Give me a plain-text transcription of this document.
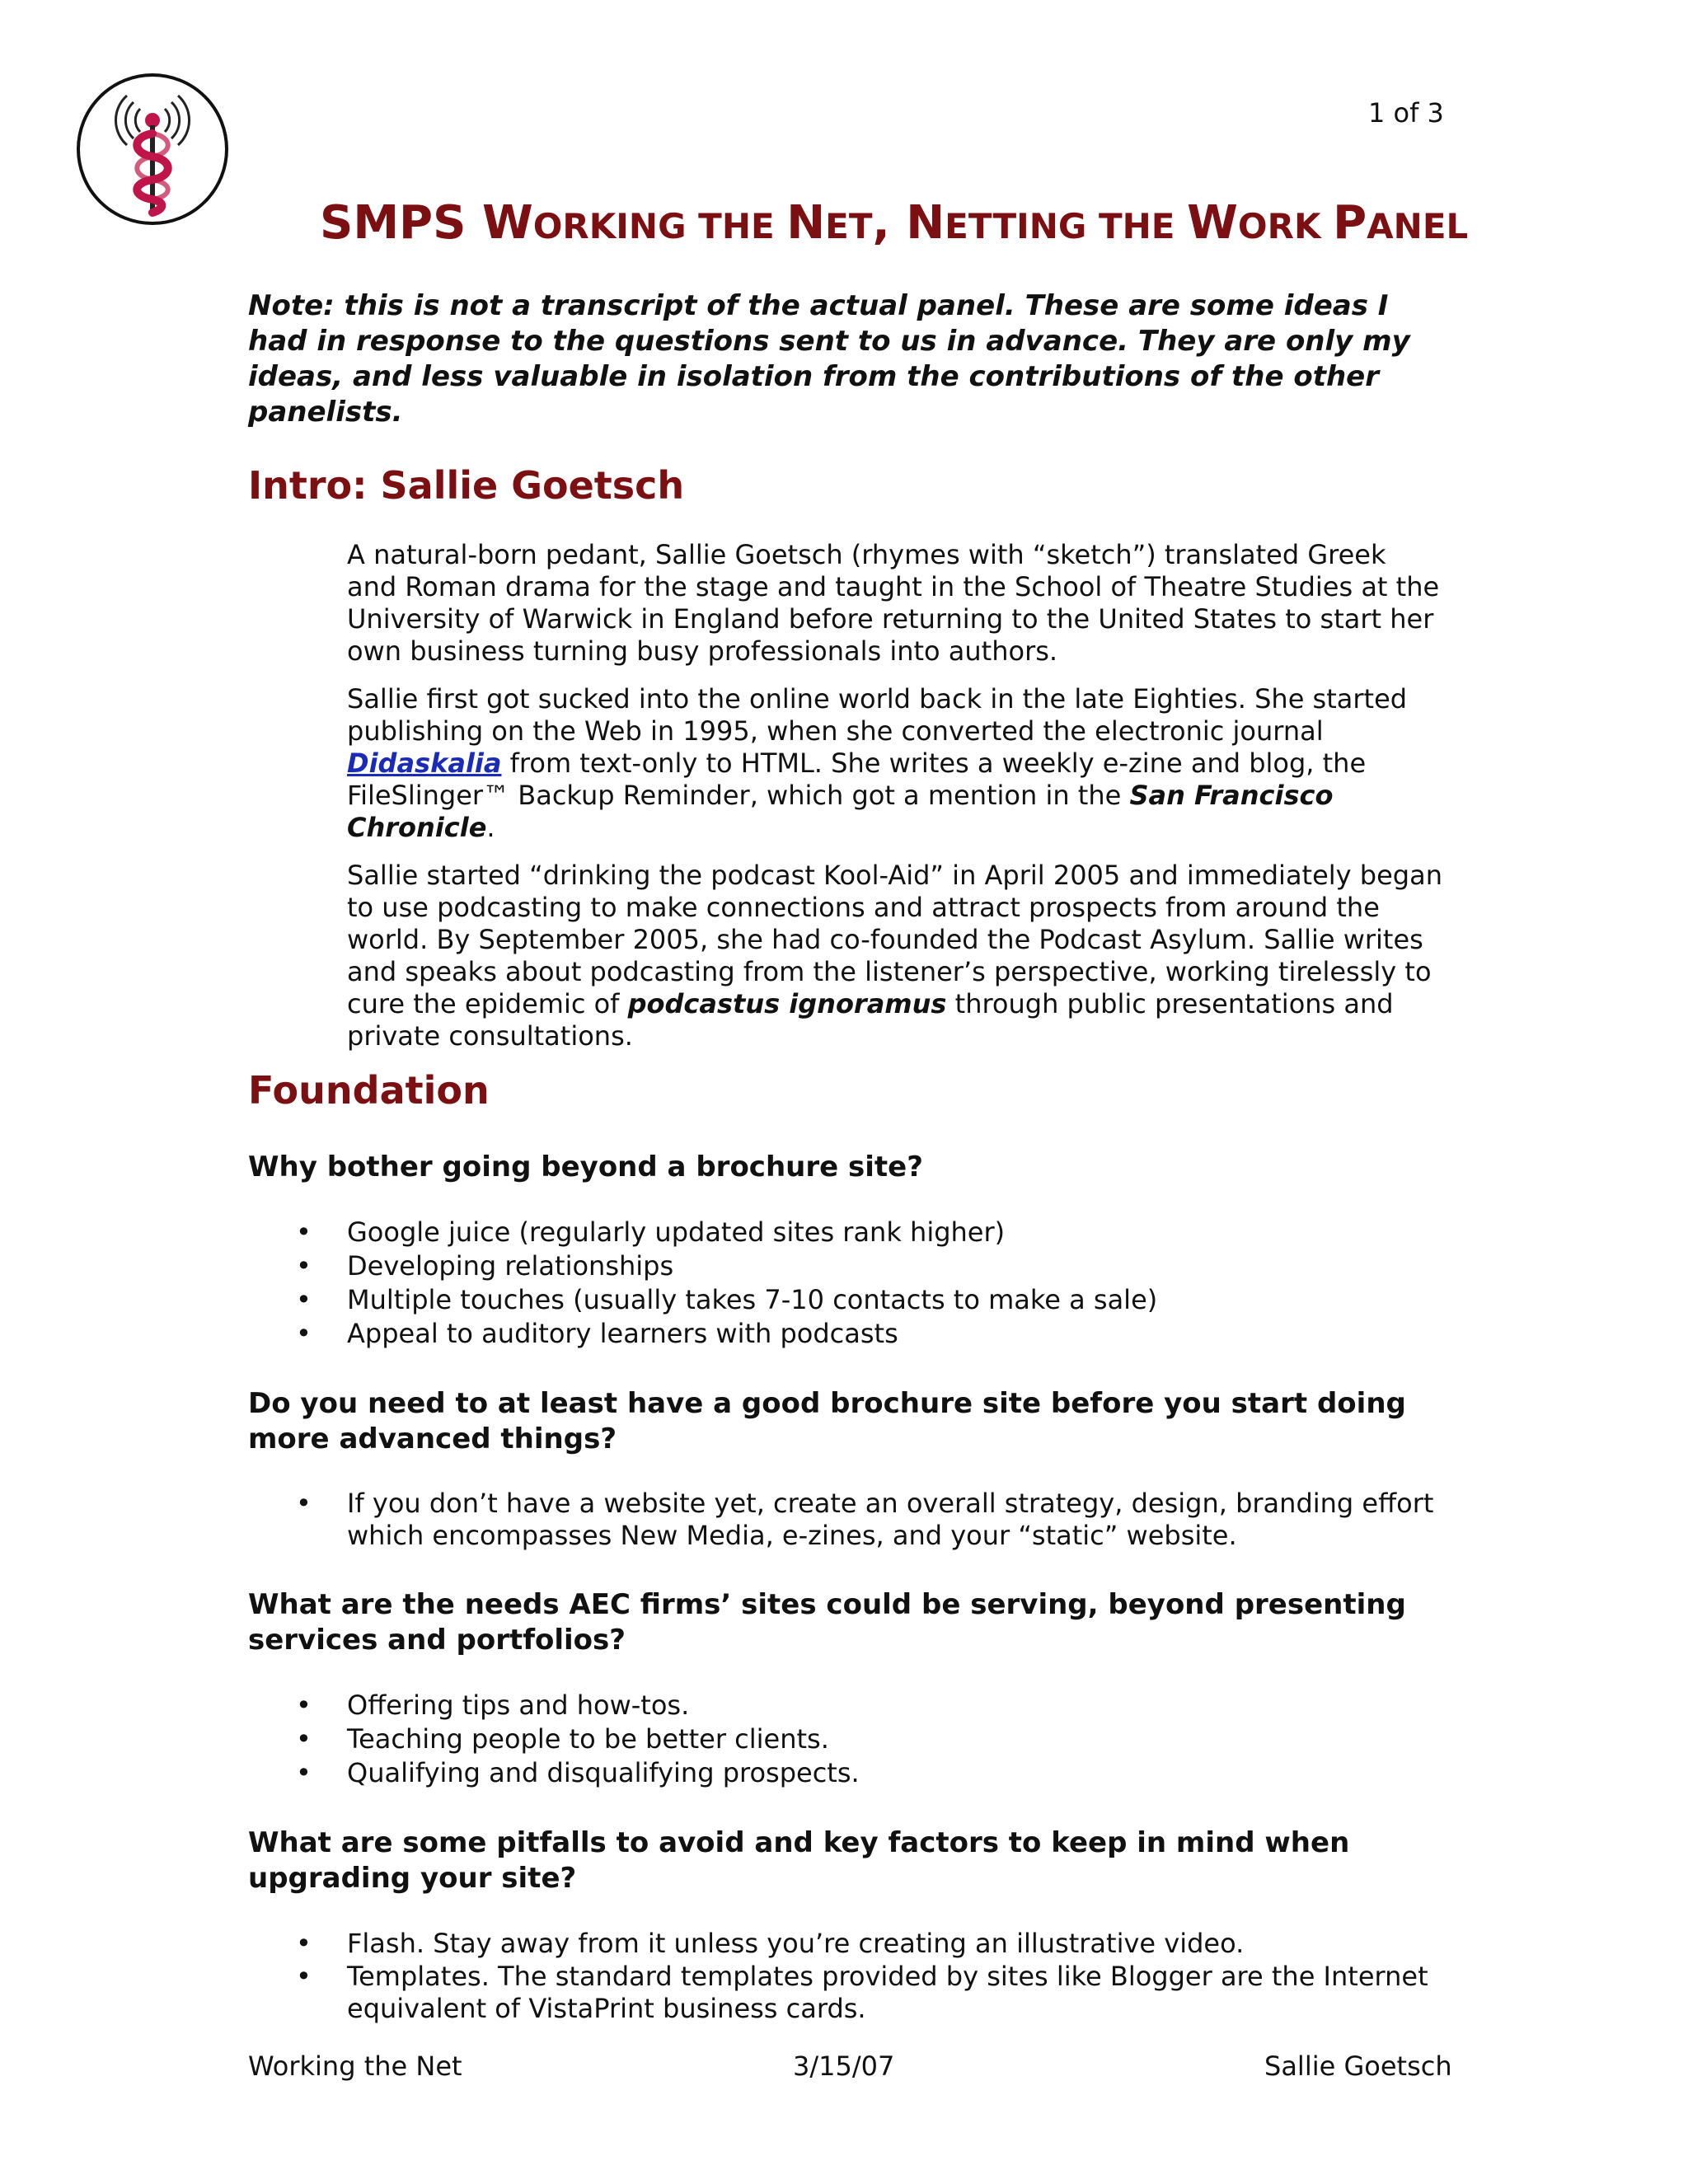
1 of 3
SMPS WORKING THE NET, NETTING THE WORK PANEL

Note: this is not a transcript of the actual panel. These are some ideas I had in response to the questions sent to us in advance. They are only my ideas, and less valuable in isolation from the contributions of the other panelists.

Intro: Sallie Goetsch

A natural-born pedant, Sallie Goetsch (rhymes with “sketch”) translated Greek and Roman drama for the stage and taught in the School of Theatre Studies at the University of Warwick in England before returning to the United States to start her own business turning busy professionals into authors.

Sallie first got sucked into the online world back in the late Eighties. She started publishing on the Web in 1995, when she converted the electronic journal Didaskalia from text-only to HTML. She writes a weekly e-zine and blog, the FileSlinger™ Backup Reminder, which got a mention in the San Francisco Chronicle.

Sallie started “drinking the podcast Kool-Aid” in April 2005 and immediately began to use podcasting to make connections and attract prospects from around the world. By September 2005, she had co-founded the Podcast Asylum. Sallie writes and speaks about podcasting from the listener’s perspective, working tirelessly to cure the epidemic of podcastus ignoramus through public presentations and private consultations.

Foundation

Why bother going beyond a brochure site?

• Google juice (regularly updated sites rank higher)
• Developing relationships
• Multiple touches (usually takes 7-10 contacts to make a sale)
• Appeal to auditory learners with podcasts

Do you need to at least have a good brochure site before you start doing more advanced things?

• If you don’t have a website yet, create an overall strategy, design, branding effort which encompasses New Media, e-zines, and your “static” website.

What are the needs AEC firms’ sites could be serving, beyond presenting services and portfolios?

• Offering tips and how-tos.
• Teaching people to be better clients.
• Qualifying and disqualifying prospects.

What are some pitfalls to avoid and key factors to keep in mind when upgrading your site?

• Flash. Stay away from it unless you’re creating an illustrative video.
• Templates. The standard templates provided by sites like Blogger are the Internet equivalent of VistaPrint business cards.
Working the Net	3/15/07	Sallie Goetsch
